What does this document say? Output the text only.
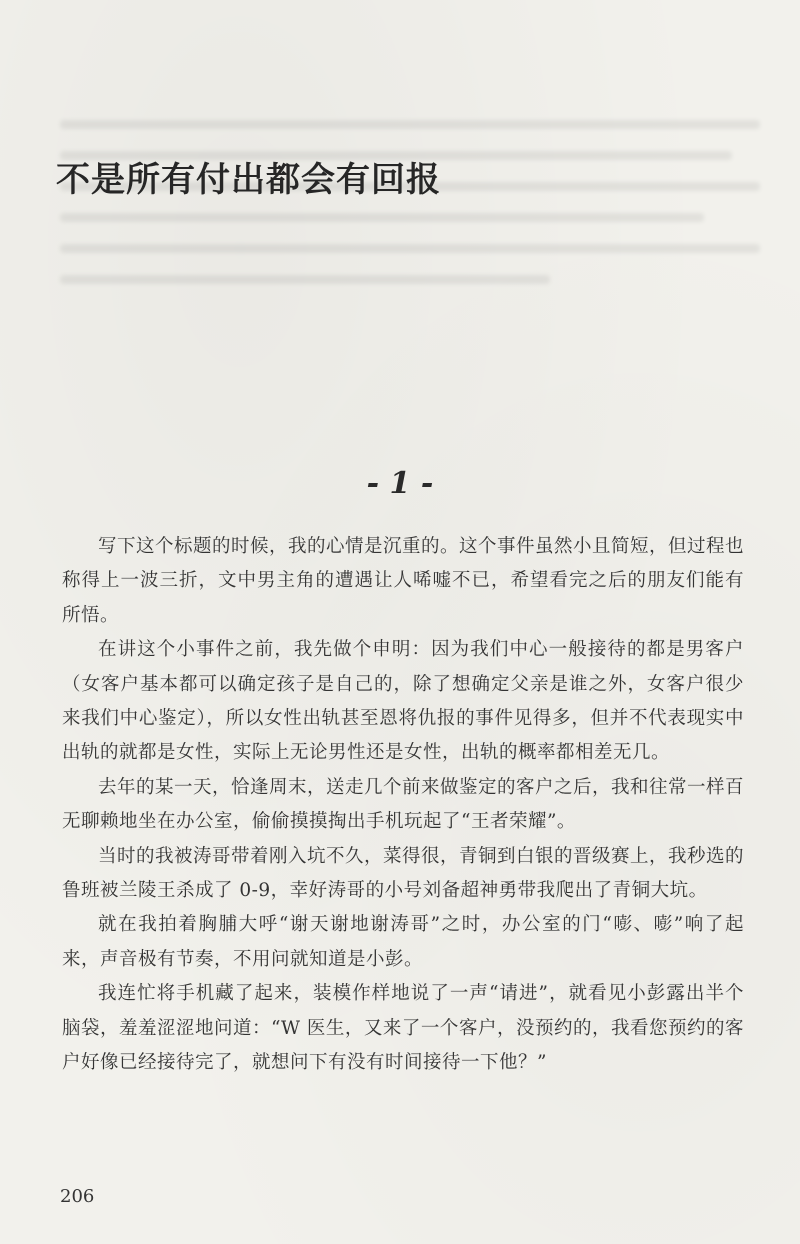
不是所有付出都会有回报
- 1 -

写下这个标题的时候，我的心情是沉重的。这个事件虽然小且简短，但过程也称得上一波三折，文中男主角的遭遇让人唏嘘不已，希望看完之后的朋友们能有所悟。

在讲这个小事件之前，我先做个申明：因为我们中心一般接待的都是男客户（女客户基本都可以确定孩子是自己的，除了想确定父亲是谁之外，女客户很少来我们中心鉴定），所以女性出轨甚至恩将仇报的事件见得多，但并不代表现实中出轨的就都是女性，实际上无论男性还是女性，出轨的概率都相差无几。

去年的某一天，恰逢周末，送走几个前来做鉴定的客户之后，我和往常一样百无聊赖地坐在办公室，偷偷摸摸掏出手机玩起了“王者荣耀”。

当时的我被涛哥带着刚入坑不久，菜得很，青铜到白银的晋级赛上，我秒选的鲁班被兰陵王杀成了 0-9，幸好涛哥的小号刘备超神勇带我爬出了青铜大坑。

就在我拍着胸脯大呼“谢天谢地谢涛哥”之时，办公室的门“嘭、嘭”响了起来，声音极有节奏，不用问就知道是小彭。

我连忙将手机藏了起来，装模作样地说了一声“请进”，就看见小彭露出半个脑袋，羞羞涩涩地问道：“W 医生，又来了一个客户，没预约的，我看您预约的客户好像已经接待完了，就想问下有没有时间接待一下他？”

206
